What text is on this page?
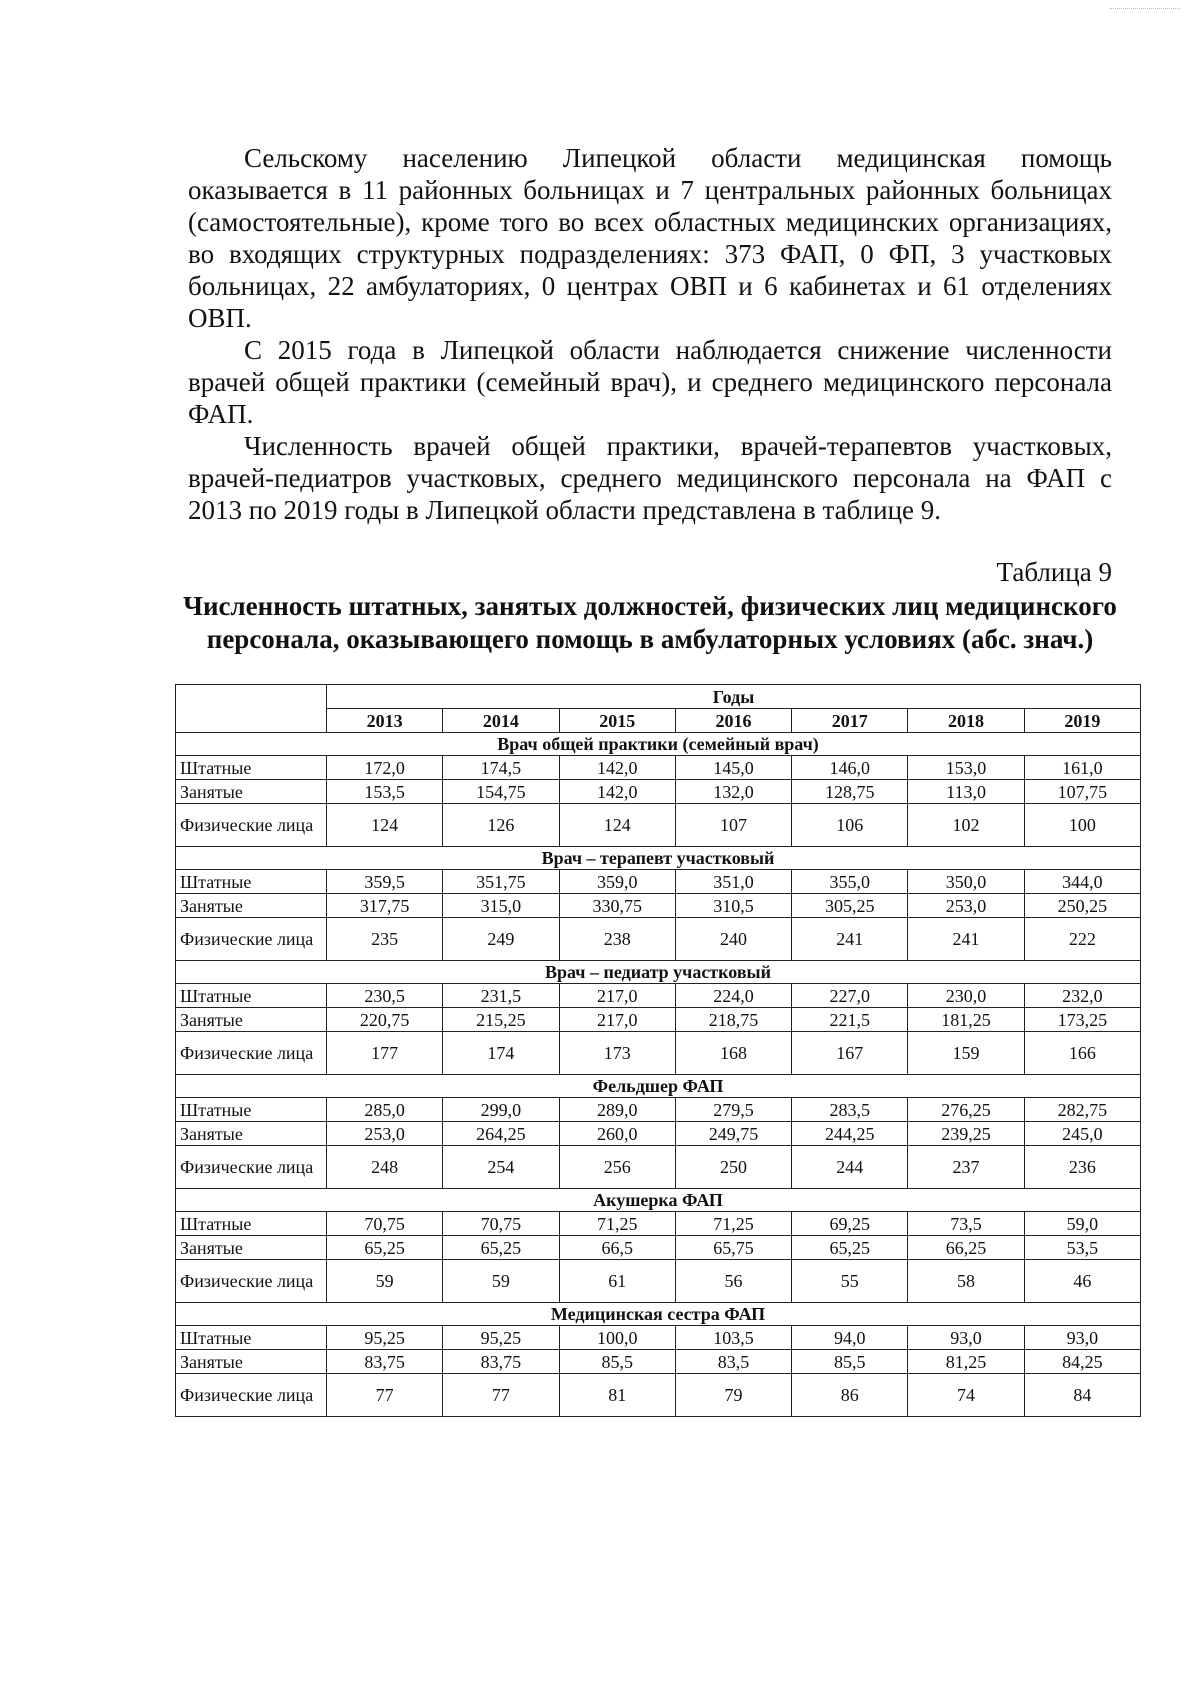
Сельскому населению Липецкой области медицинская помощь оказывается в 11 районных больницах и 7 центральных районных больницах (самостоятельные), кроме того во всех областных медицинских организациях, во входящих структурных подразделениях: 373 ФАП, 0 ФП, 3 участковых больницах, 22 амбулаториях, 0 центрах ОВП и 6 кабинетах и 61 отделениях ОВП.

С 2015 года в Липецкой области наблюдается снижение численности врачей общей практики (семейный врач), и среднего медицинского персонала ФАП.

Численность врачей общей практики, врачей-терапевтов участковых, врачей-педиатров участковых, среднего медицинского персонала на ФАП с 2013 по 2019 годы в Липецкой области представлена в таблице 9.

Таблица 9
Численность штатных, занятых должностей, физических лиц медицинского персонала, оказывающего помощь в амбулаторных условиях (абс. знач.)
	Годы						
	2013	2014	2015	2016	2017	2018	2019
Врач общей практики (семейный врач)							
Штатные	172,0	174,5	142,0	145,0	146,0	153,0	161,0
Занятые	153,5	154,75	142,0	132,0	128,75	113,0	107,75
Физические лица	124	126	124	107	106	102	100
Врач – терапевт участковый							
Штатные	359,5	351,75	359,0	351,0	355,0	350,0	344,0
Занятые	317,75	315,0	330,75	310,5	305,25	253,0	250,25
Физические лица	235	249	238	240	241	241	222
Врач – педиатр участковый							
Штатные	230,5	231,5	217,0	224,0	227,0	230,0	232,0
Занятые	220,75	215,25	217,0	218,75	221,5	181,25	173,25
Физические лица	177	174	173	168	167	159	166
Фельдшер ФАП							
Штатные	285,0	299,0	289,0	279,5	283,5	276,25	282,75
Занятые	253,0	264,25	260,0	249,75	244,25	239,25	245,0
Физические лица	248	254	256	250	244	237	236
Акушерка ФАП							
Штатные	70,75	70,75	71,25	71,25	69,25	73,5	59,0
Занятые	65,25	65,25	66,5	65,75	65,25	66,25	53,5
Физические лица	59	59	61	56	55	58	46
Медицинская сестра ФАП							
Штатные	95,25	95,25	100,0	103,5	94,0	93,0	93,0
Занятые	83,75	83,75	85,5	83,5	85,5	81,25	84,25
Физические лица	77	77	81	79	86	74	84
